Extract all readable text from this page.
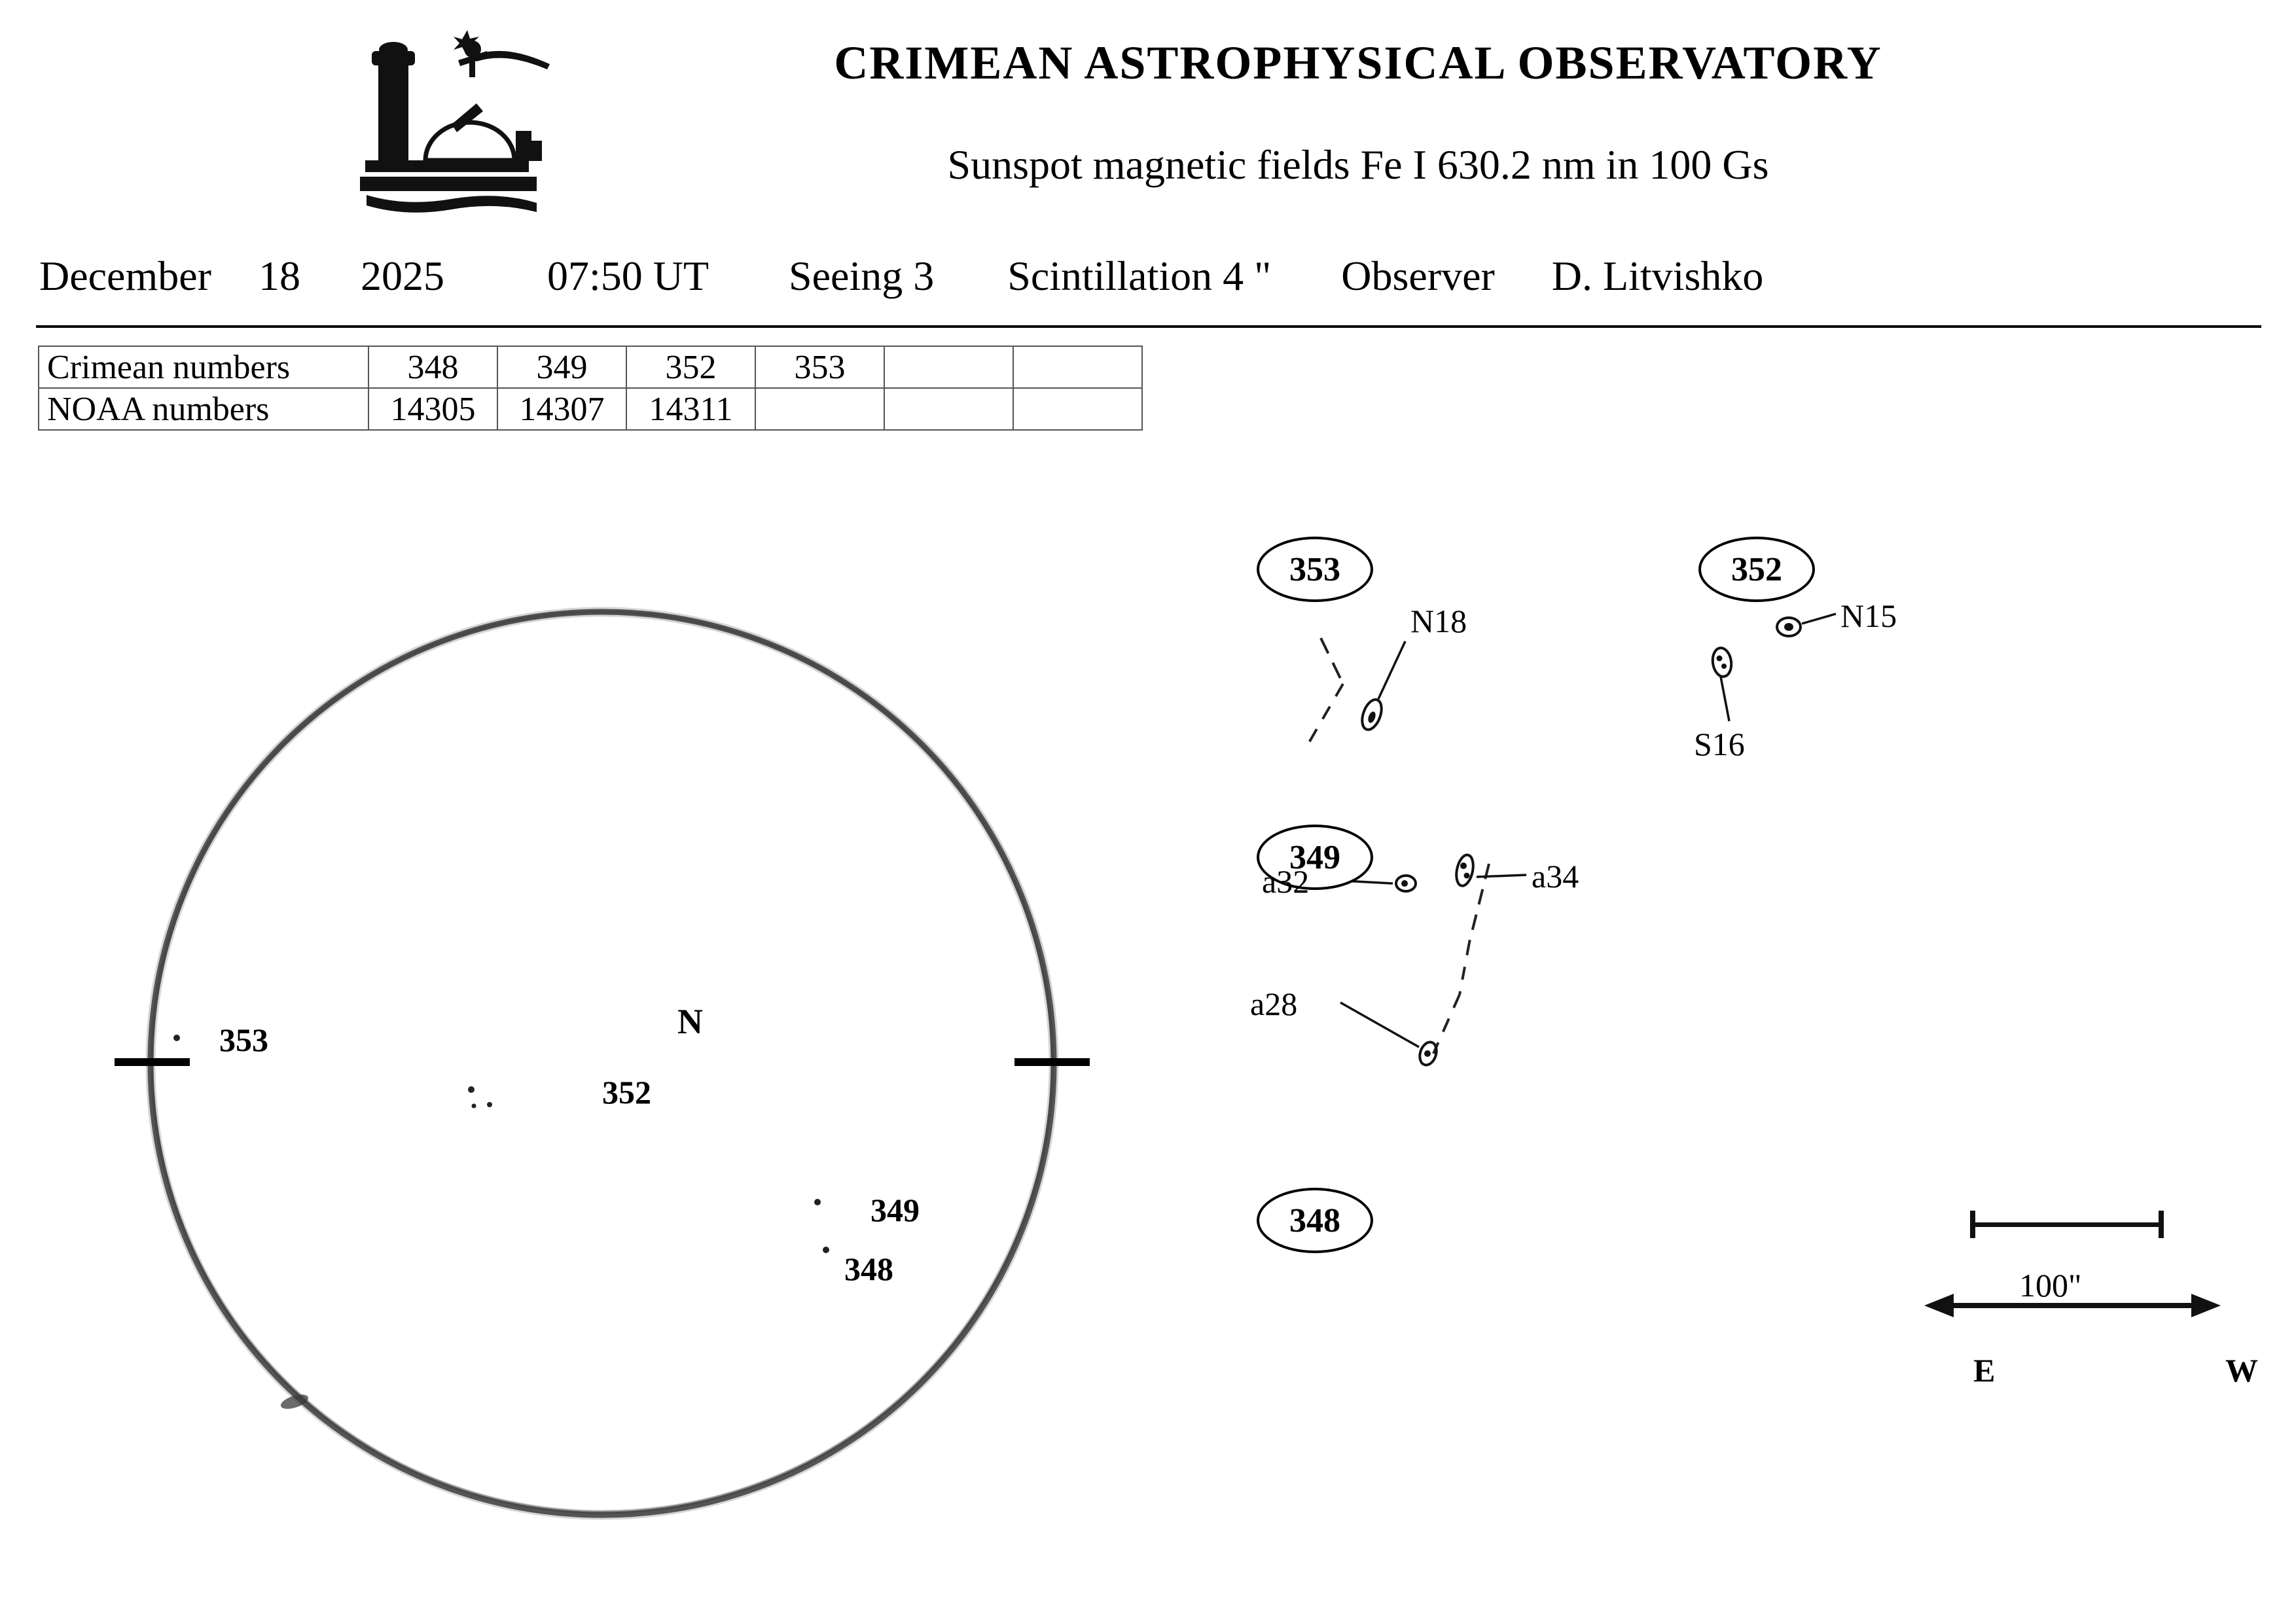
CRIMEAN ASTROPHYSICAL OBSERVATORY
Sunspot magnetic fields Fe I 630.2 nm in 100 Gs
December 18 2025 07:50 UT Seeing 3 Scintillation 4 " Observer D. Litvishko
Crimean numbers	348	349	352	353		
NOAA numbers	14305	14307	14311			
N
353
352
349
348
353	352
349
348
N18	N15
S16
a32	a34
a28
100"
E	W
